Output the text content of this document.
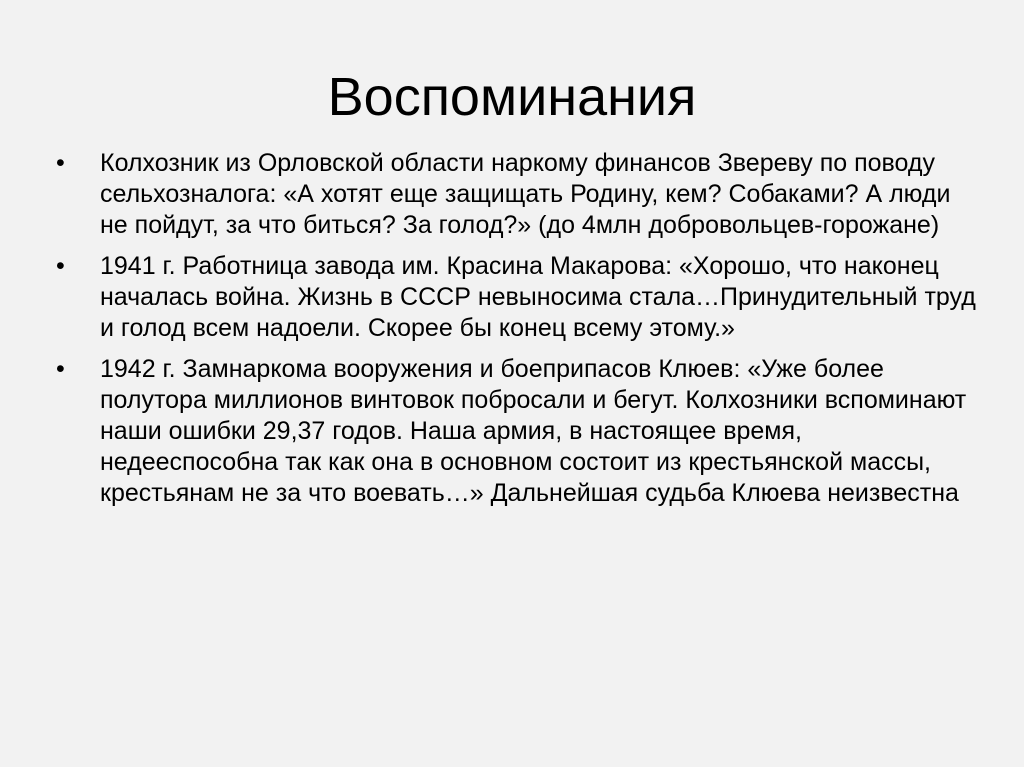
Воспоминания
•	Колхозник из Орловской области наркому финансов Звереву по поводу сельхозналога: «А хотят еще защищать Родину, кем? Собаками? А люди не пойдут, за что биться? За голод?» (до 4млн добровольцев-горожане)
•	1941 г. Работница завода им. Красина Макарова: «Хорошо, что наконец началась война. Жизнь в СССР невыносима стала…Принудительный труд и голод всем надоели. Скорее бы конец всему этому.»
•	1942 г. Замнаркома вооружения и боеприпасов Клюев: «Уже более полутора миллионов винтовок побросали и бегут. Колхозники вспоминают наши ошибки 29,37 годов. Наша армия, в настоящее время, недееспособна так как она в основном состоит из крестьянской массы, крестьянам не за что воевать…» Дальнейшая судьба Клюева неизвестна
